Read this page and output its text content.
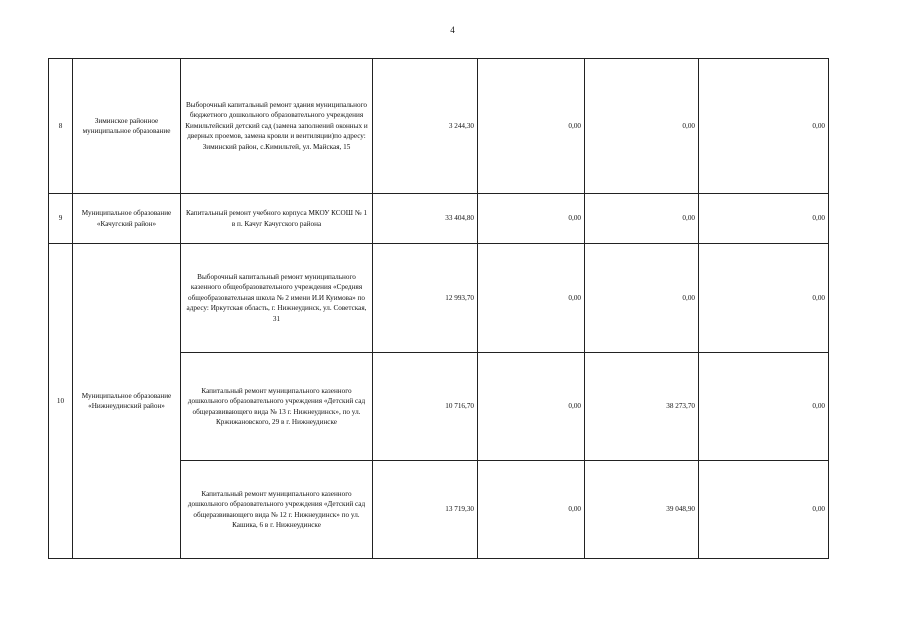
4
8	Зиминское районное муниципальное образование	Выборочный капитальный ремонт здания муниципального бюджетного дошкольного образовательного учреждения Кимильтейский детский сад (замена заполнений оконных и дверных проемов, замена кровли и вентиляции)по адресу: Зиминский район, с.Кимильтей, ул. Майская, 15	3 244,30	0,00	0,00	0,00
9	Муниципальное образование «Качугский район»	Капитальный ремонт учебного корпуса МКОУ КСОШ № 1 в п. Качуг Качугского района	33 404,80	0,00	0,00	0,00
10	Муниципальное образование «Нижнеудинский район»	Выборочный капитальный ремонт муниципального казенного общеобразовательного учреждения «Средняя общеобразовательная школа № 2 имени И.И Куимова» по адресу: Иркутская область, г. Нижнеудинск, ул. Советская, 31	12 993,70	0,00	0,00	0,00
		Капитальный ремонт муниципального казенного дошкольного образовательного учреждения «Детский сад общеразвивающего вида № 13 г. Нижнеудинск», по ул. Кржижановского, 29 в г. Нижнеудинске	10 716,70	0,00	38 273,70	0,00
		Капитальный ремонт муниципального казенного дошкольного образовательного учреждения «Детский сад общеразвивающего вида № 12 г. Нижнеудинск» по ул. Кашика, 6 в г. Нижнеудинске	13 719,30	0,00	39 048,90	0,00
